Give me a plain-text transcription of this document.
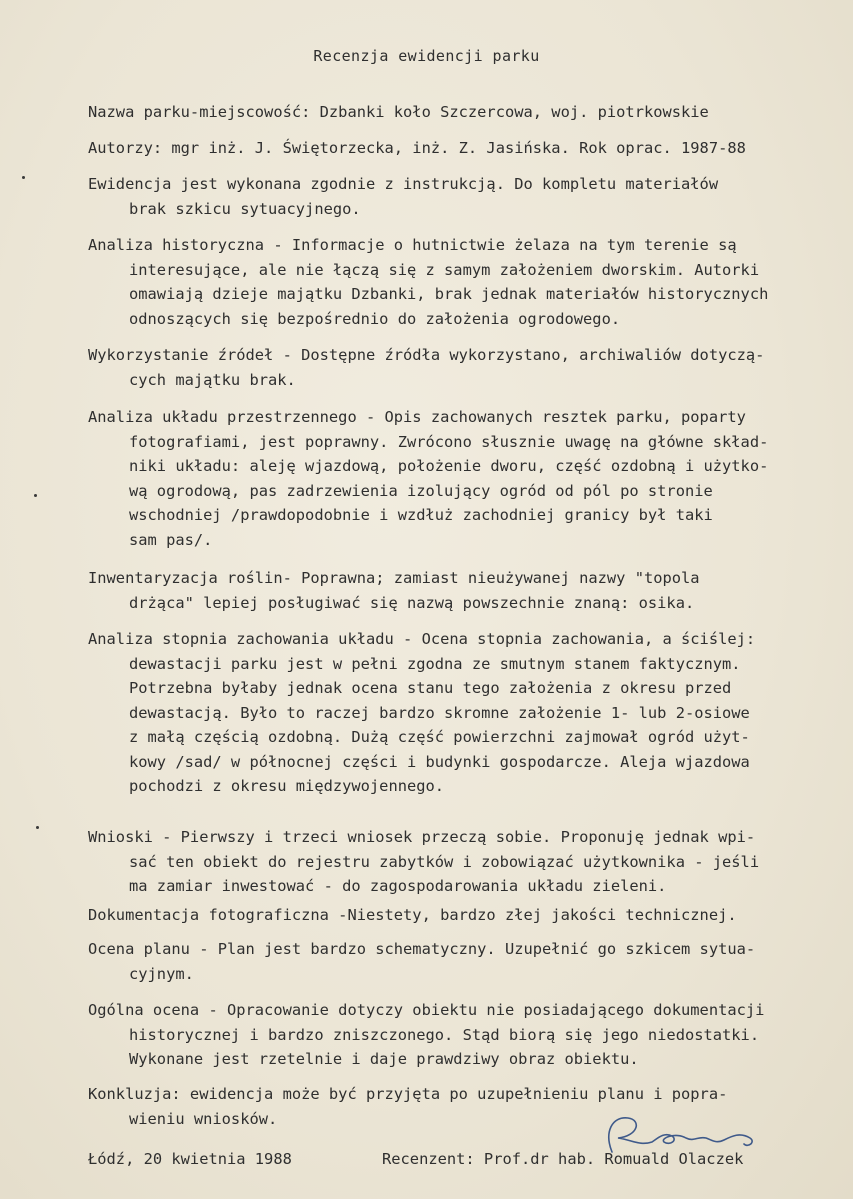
Recenzja ewidencji parku
Nazwa parku-miejscowość: Dzbanki koło Szczercowa, woj. piotrkowskie
Autorzy: mgr inż. J. Świętorzecka, inż. Z. Jasińska. Rok oprac. 1987-88
Ewidencja jest wykonana zgodnie z instrukcją. Do kompletu materiałów
brak szkicu sytuacyjnego.
Analiza historyczna - Informacje o hutnictwie żelaza na tym terenie są
interesujące, ale nie łączą się z samym założeniem dworskim. Autorki
omawiają dzieje majątku Dzbanki, brak jednak materiałów historycznych
odnoszących się bezpośrednio do założenia ogrodowego.
Wykorzystanie źródeł - Dostępne źródła wykorzystano, archiwaliów dotyczą-
cych majątku brak.
Analiza układu przestrzennego - Opis zachowanych resztek parku, poparty
fotografiami, jest poprawny. Zwrócono słusznie uwagę na główne skład-
niki układu: aleję wjazdową, położenie dworu, część ozdobną i użytko-
wą ogrodową, pas zadrzewienia izolujący ogród od pól po stronie
wschodniej /prawdopodobnie i wzdłuż zachodniej granicy był taki
sam pas/.
Inwentaryzacja roślin- Poprawna; zamiast nieużywanej nazwy "topola
drżąca" lepiej posługiwać się nazwą powszechnie znaną: osika.
Analiza stopnia zachowania układu - Ocena stopnia zachowania, a ściślej:
dewastacji parku jest w pełni zgodna ze smutnym stanem faktycznym.
Potrzebna byłaby jednak ocena stanu tego założenia z okresu przed
dewastacją. Było to raczej bardzo skromne założenie 1- lub 2-osiowe
z małą częścią ozdobną. Dużą część powierzchni zajmował ogród użyt-
kowy /sad/ w północnej części i budynki gospodarcze. Aleja wjazdowa
pochodzi z okresu międzywojennego.
Wnioski - Pierwszy i trzeci wniosek przeczą sobie. Proponuję jednak wpi-
sać ten obiekt do rejestru zabytków i zobowiązać użytkownika - jeśli
ma zamiar inwestować - do zagospodarowania układu zieleni.
Dokumentacja fotograficzna -Niestety, bardzo złej jakości technicznej.
Ocena planu - Plan jest bardzo schematyczny. Uzupełnić go szkicem sytua-
cyjnym.
Ogólna ocena - Opracowanie dotyczy obiektu nie posiadającego dokumentacji
historycznej i bardzo zniszczonego. Stąd biorą się jego niedostatki.
Wykonane jest rzetelnie i daje prawdziwy obraz obiektu.
Konkluzja: ewidencja może być przyjęta po uzupełnieniu planu i popra-
wieniu wniosków.
Łódź, 20 kwietnia 1988	Recenzent: Prof.dr hab. Romuald Olaczek
